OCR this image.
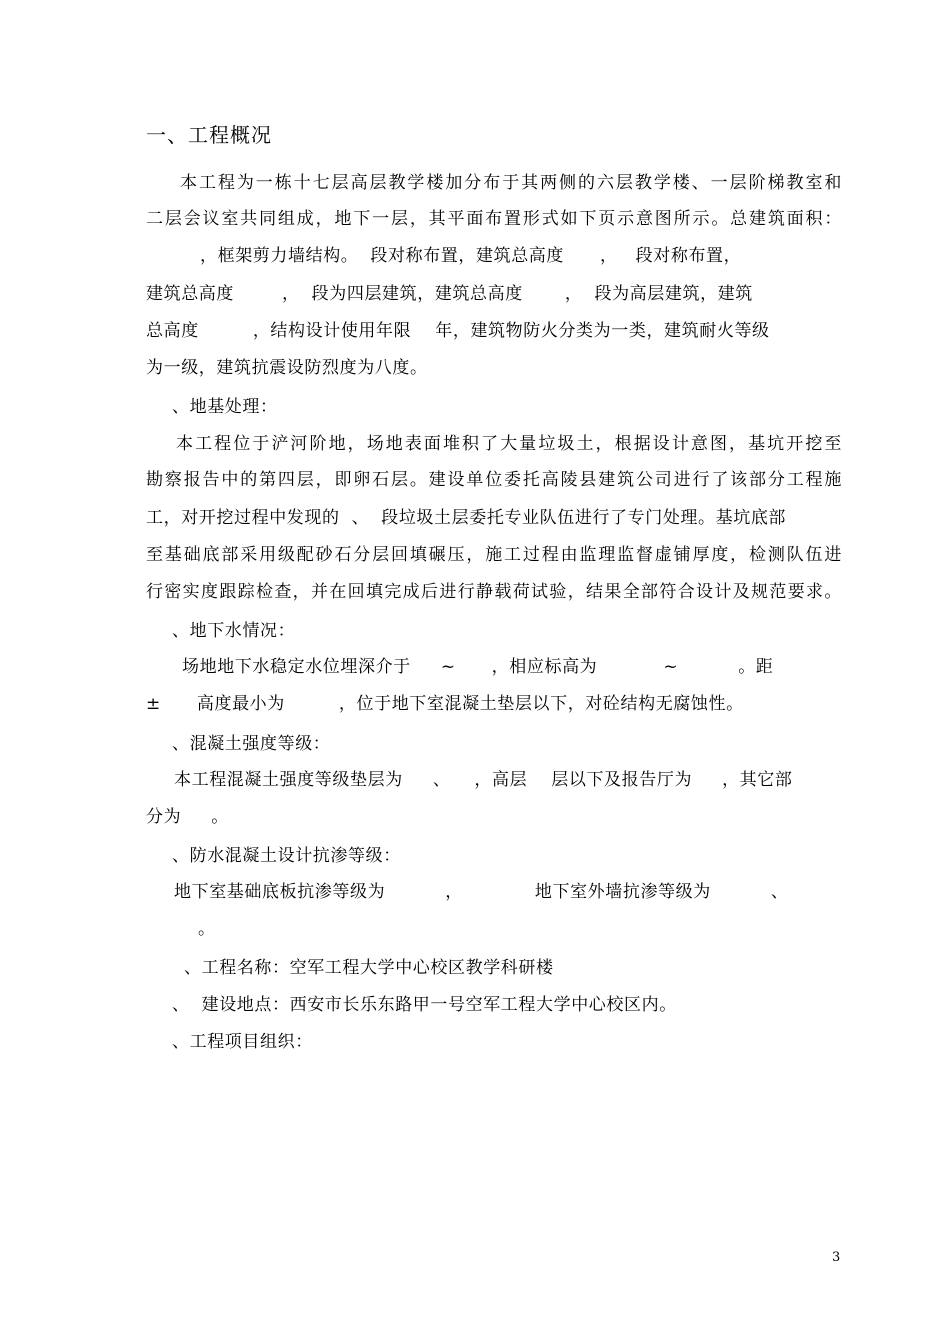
一、工程概况
本工程为一栋十七层高层教学楼加分布于其两侧的六层教学楼、一层阶梯教室和
二层会议室共同组成，地下一层，其平面布置形式如下页示意图所示。总建筑面积：
，框架剪力墙结构。  段对称布置，建筑总高度      ，   段对称布置，
建筑总高度        ，  段为四层建筑，建筑总高度       ，  段为高层建筑，建筑
总高度         ，结构设计使用年限    年，建筑物防火分类为一类，建筑耐火等级
为一级，建筑抗震设防烈度为八度。
、地基处理：
本工程位于浐河阶地，场地表面堆积了大量垃圾土，根据设计意图，基坑开挖至
勘察报告中的第四层，即卵石层。建设单位委托高陵县建筑公司进行了该部分工程施
工，对开挖过程中发现的  、  段垃圾土层委托专业队伍进行了专门处理。基坑底部
至基础底部采用级配砂石分层回填碾压，施工过程由监理监督虚铺厚度，检测队伍进
行密实度跟踪检查，并在回填完成后进行静载荷试验，结果全部符合设计及规范要求。
、地下水情况：
场地地下水稳定水位埋深介于     ~      ，相应标高为           ~          。距
±      高度最小为         ，位于地下室混凝土垫层以下，对砼结构无腐蚀性。
、混凝土强度等级：
本工程混凝土强度等级垫层为     、    ，高层    层以下及报告厅为     ，其它部
分为     。
、防水混凝土设计抗渗等级：
地下室基础底板抗渗等级为          ，            地下室外墙抗渗等级为          、
。
、工程名称：空军工程大学中心校区教学科研楼
、  建设地点：西安市长乐东路甲一号空军工程大学中心校区内。
、工程项目组织：
3
